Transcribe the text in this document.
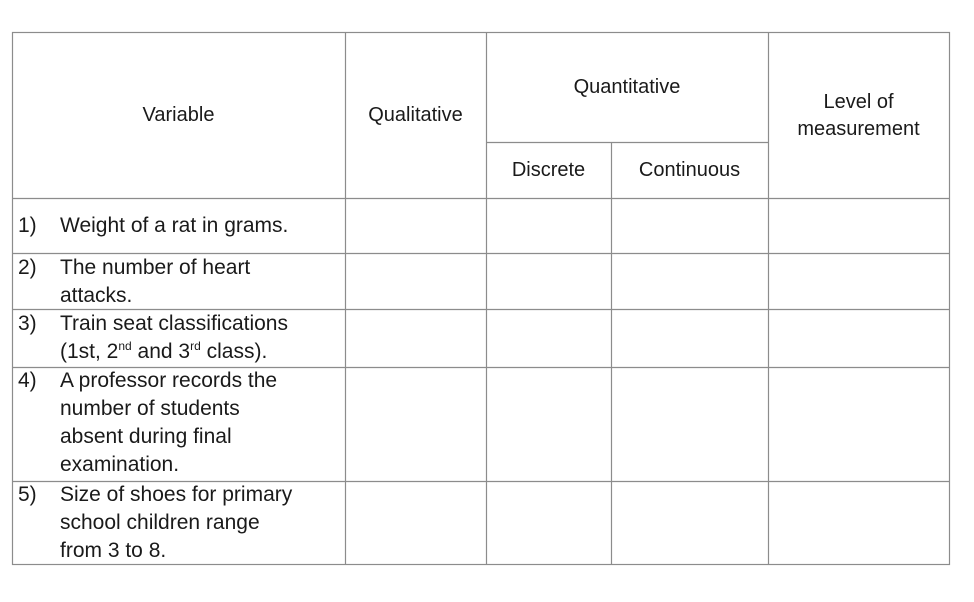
Variable	Qualitative
Quantitative
Discrete	Continuous
Level of
measurement
1) Weight of a rat in grams.
2) The number of heart
attacks.
3) Train seat classifications
(1st, 2nd and 3rd class).
4) A professor records the
number of students
absent during final
examination.
5) Size of shoes for primary
school children range
from 3 to 8.
